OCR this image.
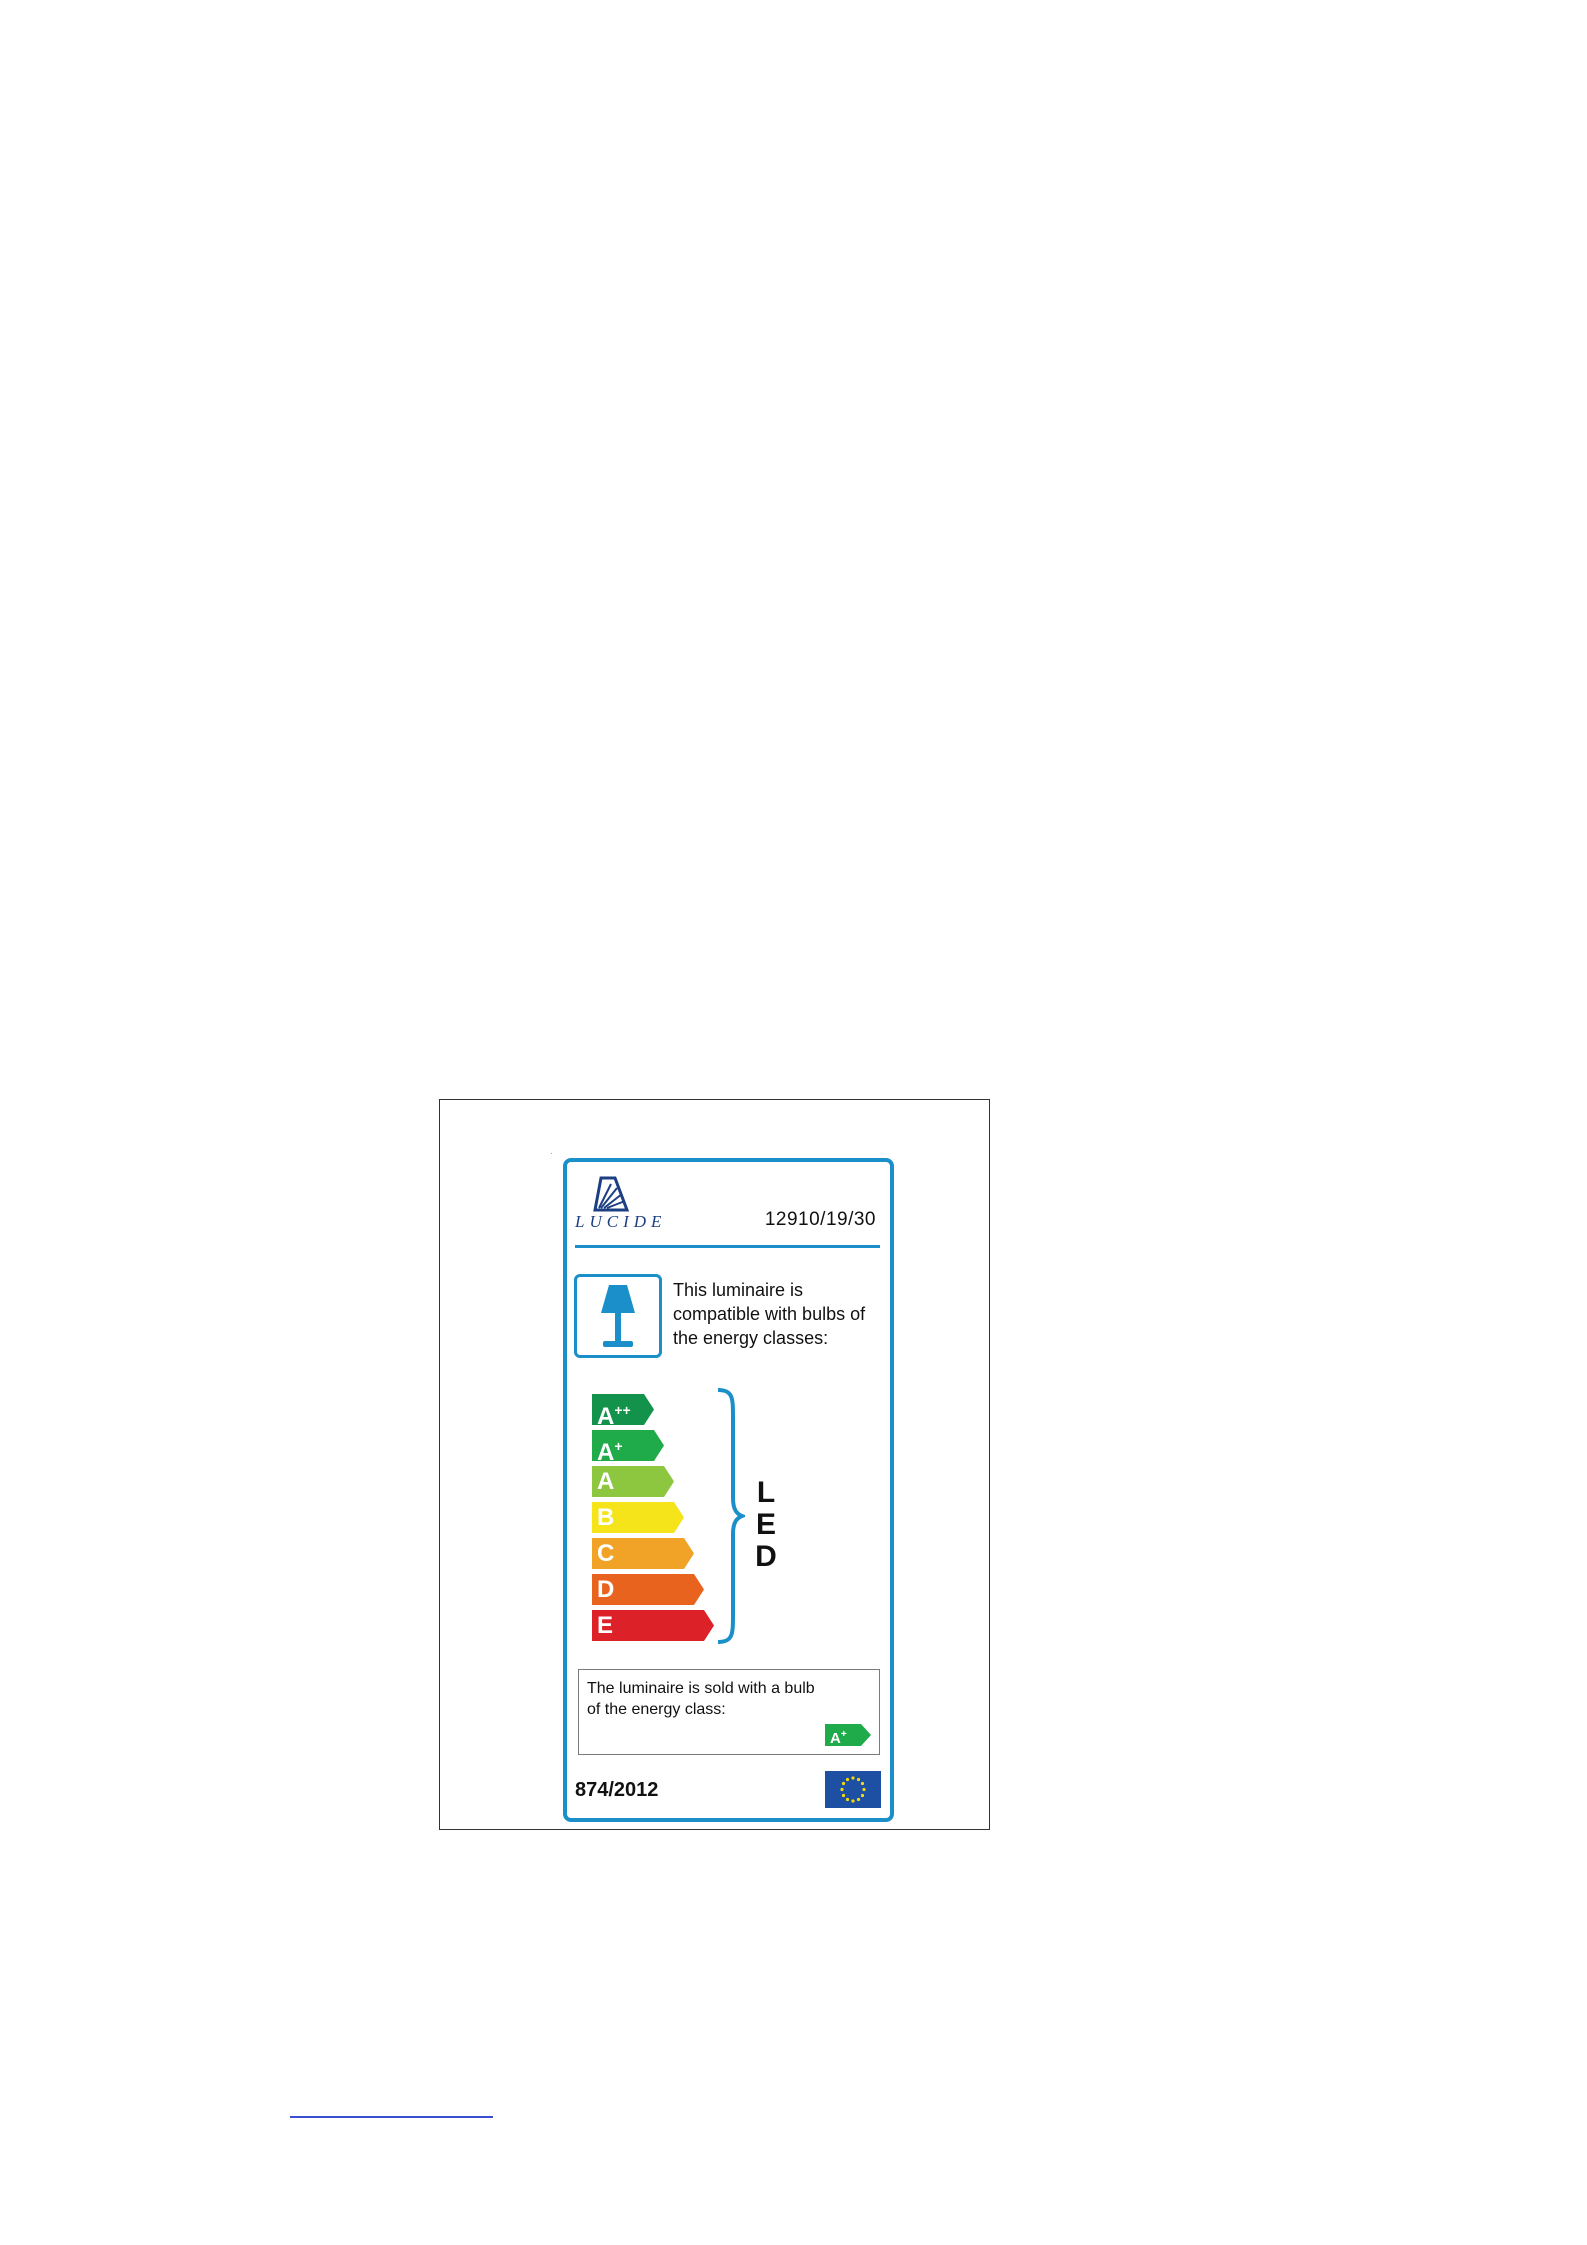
.
LUCIDE	12910/19/30
This luminaire is compatible with bulbs of the energy classes:
A++
A+
A
B
C
D
E
L
E
D
The luminaire is sold with a bulb of the energy class:
A+
874/2012
